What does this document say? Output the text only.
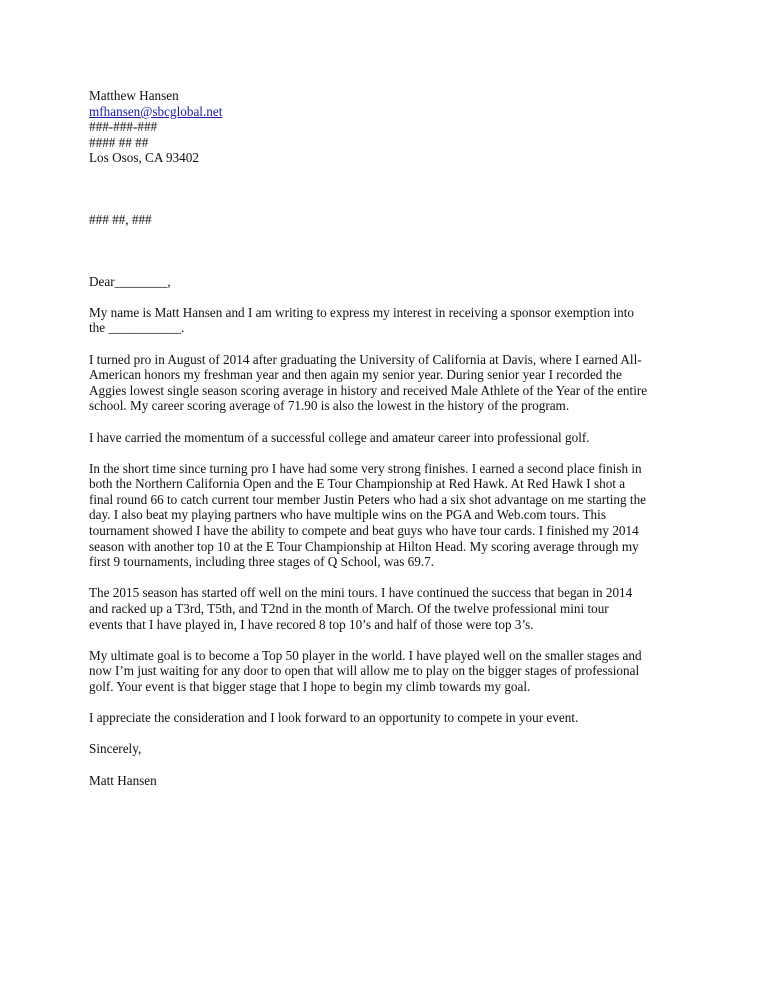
Matthew Hansen
mfhansen@sbcglobal.net
###-###-###
#### ## ##
Los Osos, CA 93402
### ##, ###
Dear________,

My name is Matt Hansen and I am writing to express my interest in receiving a sponsor exemption into
the ___________.

I turned pro in August of 2014 after graduating the University of California at Davis, where I earned All-
American honors my freshman year and then again my senior year. During senior year I recorded the
Aggies lowest single season scoring average in history and received Male Athlete of the Year of the entire
school. My career scoring average of 71.90 is also the lowest in the history of the program.

I have carried the momentum of a successful college and amateur career into professional golf.

In the short time since turning pro I have had some very strong finishes. I earned a second place finish in
both the Northern California Open and the E Tour Championship at Red Hawk. At Red Hawk I shot a
final round 66 to catch current tour member Justin Peters who had a six shot advantage on me starting the
day. I also beat my playing partners who have multiple wins on the PGA and Web.com tours. This
tournament showed I have the ability to compete and beat guys who have tour cards. I finished my 2014
season with another top 10 at the E Tour Championship at Hilton Head. My scoring average through my
first 9 tournaments, including three stages of Q School, was 69.7.

The 2015 season has started off well on the mini tours. I have continued the success that began in 2014
and racked up a T3rd, T5th, and T2nd in the month of March. Of the twelve professional mini tour
events that I have played in, I have recored 8 top 10’s and half of those were top 3’s.

My ultimate goal is to become a Top 50 player in the world. I have played well on the smaller stages and
now I’m just waiting for any door to open that will allow me to play on the bigger stages of professional
golf. Your event is that bigger stage that I hope to begin my climb towards my goal.

I appreciate the consideration and I look forward to an opportunity to compete in your event.

Sincerely,
Matt Hansen
